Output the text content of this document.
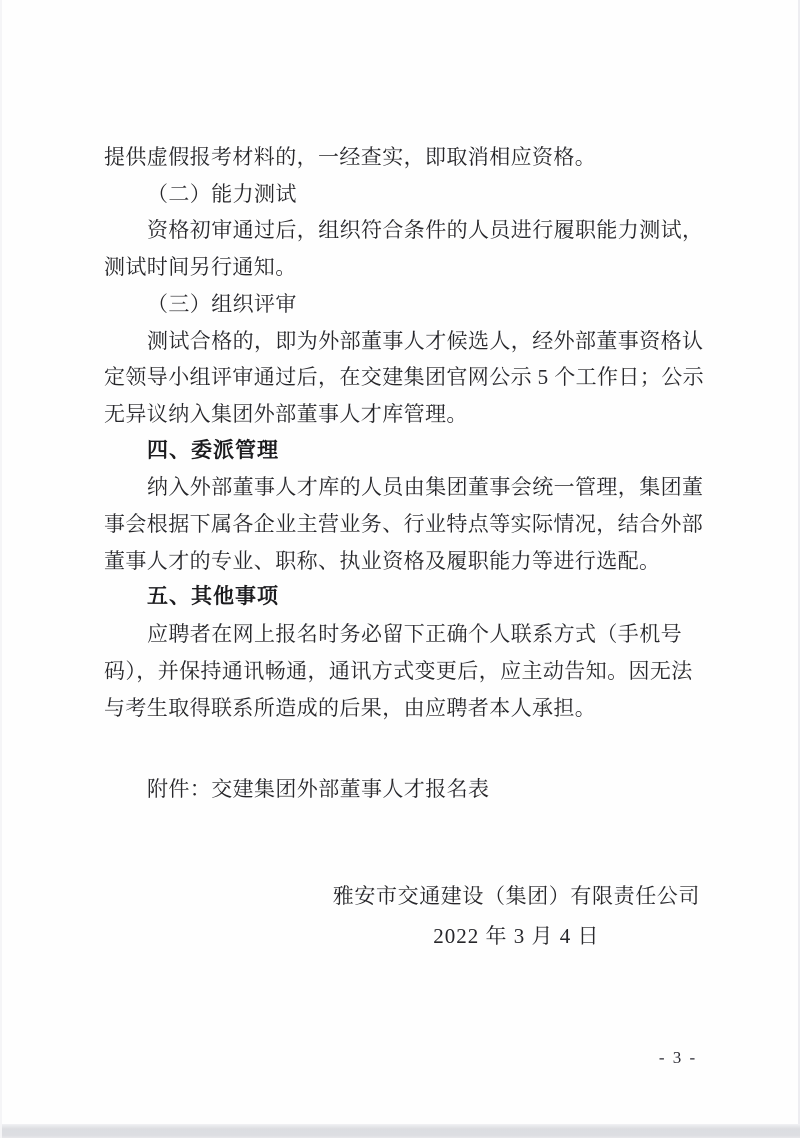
提供虚假报考材料的，一经查实，即取消相应资格。
（二）能力测试
资格初审通过后，组织符合条件的人员进行履职能力测试，
测试时间另行通知。
（三）组织评审
测试合格的，即为外部董事人才候选人，经外部董事资格认
定领导小组评审通过后，在交建集团官网公示 5 个工作日；公示
无异议纳入集团外部董事人才库管理。
四、委派管理
纳入外部董事人才库的人员由集团董事会统一管理，集团董
事会根据下属各企业主营业务、行业特点等实际情况，结合外部
董事人才的专业、职称、执业资格及履职能力等进行选配。
五、其他事项
应聘者在网上报名时务必留下正确个人联系方式（手机号
码），并保持通讯畅通，通讯方式变更后，应主动告知。因无法
与考生取得联系所造成的后果，由应聘者本人承担。
附件：交建集团外部董事人才报名表
雅安市交通建设（集团）有限责任公司
2022 年 3 月 4 日
- 3 -
